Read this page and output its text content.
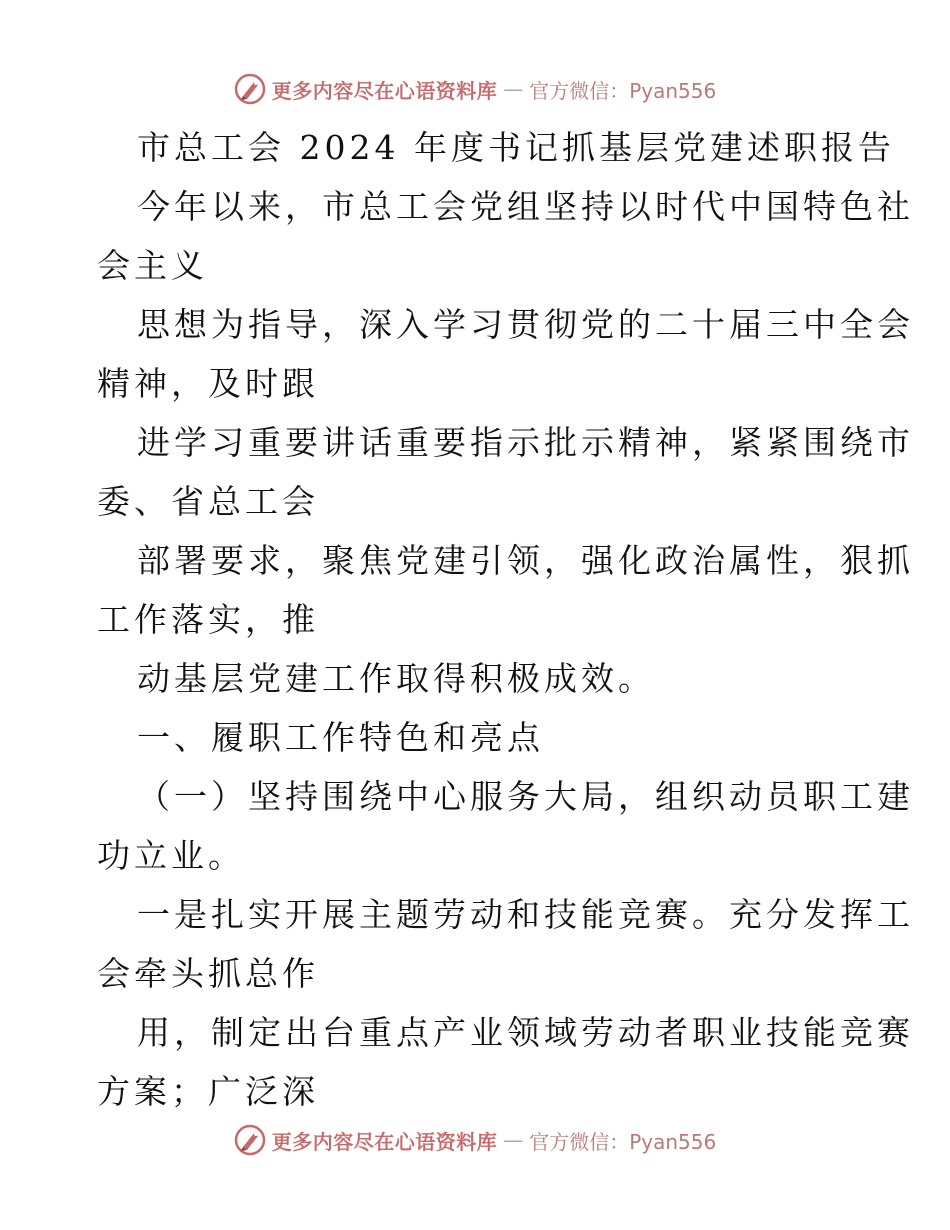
更多内容尽在心语资料库 — 官方微信：Pyan556
市总工会 2024 年度书记抓基层党建述职报告
今年以来，市总工会党组坚持以时代中国特色社
会主义
思想为指导，深入学习贯彻党的二十届三中全会
精神，及时跟
进学习重要讲话重要指示批示精神，紧紧围绕市
委、省总工会
部署要求，聚焦党建引领，强化政治属性，狠抓
工作落实，推
动基层党建工作取得积极成效。
一、履职工作特色和亮点
（一）坚持围绕中心服务大局，组织动员职工建
功立业。
一是扎实开展主题劳动和技能竞赛。充分发挥工
会牵头抓总作
用，制定出台重点产业领域劳动者职业技能竞赛
方案；广泛深
更多内容尽在心语资料库 — 官方微信：Pyan556
